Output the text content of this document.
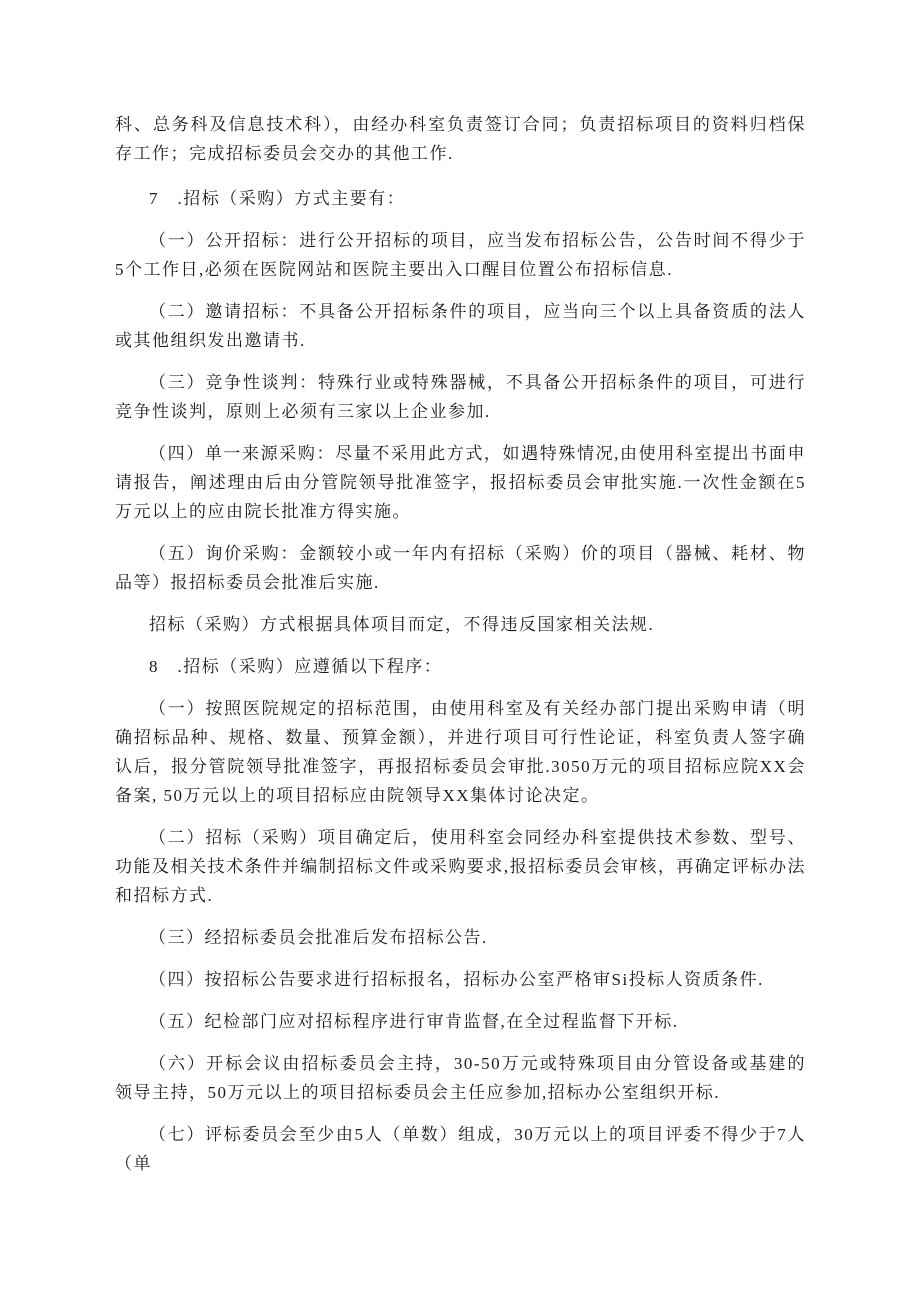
科、总务科及信息技术科），由经办科室负责签订合同；负责招标项目的资料归档保存工作；完成招标委员会交办的其他工作.

7　.招标（采购）方式主要有：

（一）公开招标：进行公开招标的项目，应当发布招标公告，公告时间不得少于5个工作日,必须在医院网站和医院主要出入口醒目位置公布招标信息.

（二）邀请招标：不具备公开招标条件的项目，应当向三个以上具备资质的法人或其他组织发出邀请书.

（三）竞争性谈判：特殊行业或特殊器械，不具备公开招标条件的项目，可进行竞争性谈判，原则上必须有三家以上企业参加.

（四）单一来源采购：尽量不采用此方式，如遇特殊情况,由使用科室提出书面申请报告，阐述理由后由分管院领导批准签字，报招标委员会审批实施.一次性金额在5万元以上的应由院长批准方得实施。

（五）询价采购：金额较小或一年内有招标（采购）价的项目（器械、耗材、物品等）报招标委员会批准后实施.

招标（采购）方式根据具体项目而定，不得违反国家相关法规.

8　.招标（采购）应遵循以下程序：

（一）按照医院规定的招标范围，由使用科室及有关经办部门提出采购申请（明确招标品种、规格、数量、预算金额），并进行项目可行性论证，科室负责人签字确认后，报分管院领导批准签字，再报招标委员会审批.3050万元的项目招标应院XX会备案, 50万元以上的项目招标应由院领导XX集体讨论决定。

（二）招标（采购）项目确定后，使用科室会同经办科室提供技术参数、型号、功能及相关技术条件并编制招标文件或采购要求,报招标委员会审核，再确定评标办法和招标方式.

（三）经招标委员会批准后发布招标公告.

（四）按招标公告要求进行招标报名，招标办公室严格审Si投标人资质条件.

（五）纪检部门应对招标程序进行审肯监督,在全过程监督下开标.

（六）开标会议由招标委员会主持，30-50万元或特殊项目由分管设备或基建的领导主持，50万元以上的项目招标委员会主任应参加,招标办公室组织开标.

（七）评标委员会至少由5人（单数）组成，30万元以上的项目评委不得少于7人（单
